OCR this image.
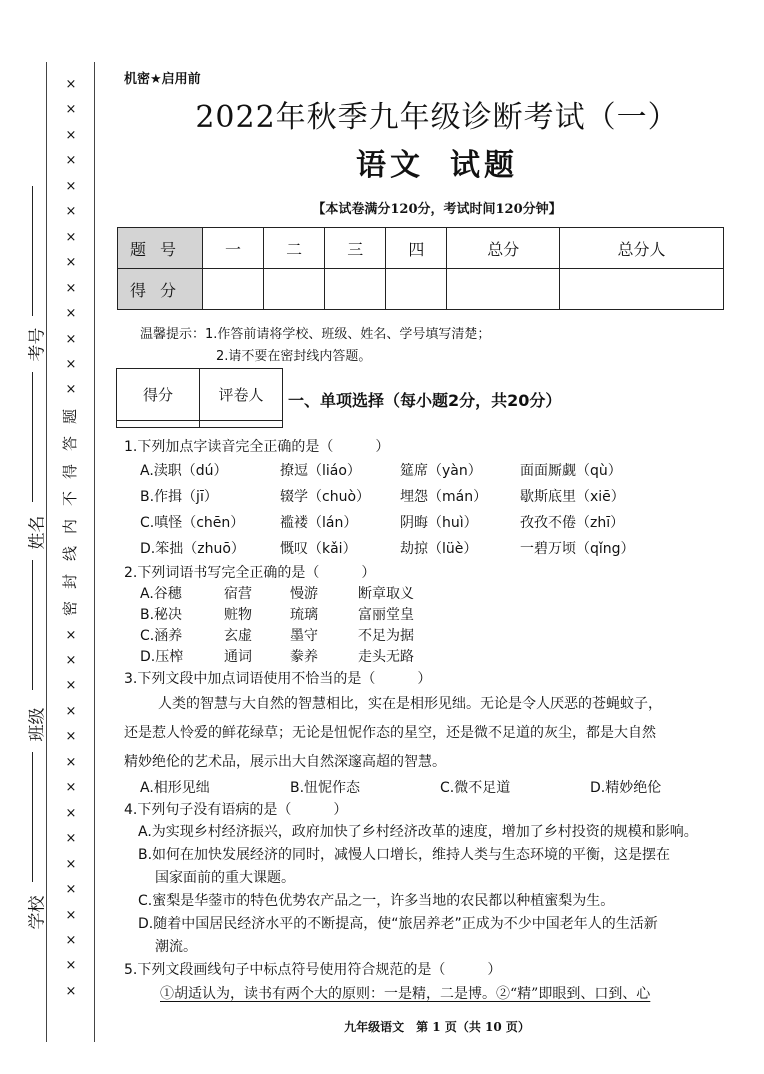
考号
姓名
班级
学校
×
×
×
×
×
×
×
×
×
×
×
×
×
题
答
得
不
内
线
封
密
×
×
×
×
×
×
×
×
×
×
×
×
×
×
×
机密★启用前
2022年秋季九年级诊断考试（一）
语文 试题
【本试卷满分120分，考试时间120分钟】
题号	一	二	三	四	总分	总分人
得分						
温馨提示：1.作答前请将学校、班级、姓名、学号填写清楚；
2.请不要在密封线内答题。
得分	评卷人
	一、单项选择（每小题2分，共20分）
1.下列加点字读音完全正确的是（　　　）
A.渎职（dú）	撩逗（liáo）	筵席（yàn）	面面厮觑（qù）
B.作揖（jī）	辍学（chuò）	埋怨（mán）	歇斯底里（xiē）
C.嗔怪（chēn）	褴褛（lán）	阴晦（huì）	孜孜不倦（zhī）
D.笨拙（zhuō）	慨叹（kǎi）	劫掠（lüè）	一碧万顷（qǐng）
2.下列词语书写完全正确的是（　　　）
A.谷穗	宿营	慢游	断章取义
B.秘决	赃物	琉璃	富丽堂皇
C.涵养	玄虚	墨守	不足为据
D.压榨	通词	豢养	走头无路
3.下列文段中加点词语使用不恰当的是（　　　）
人类的智慧与大自然的智慧相比，实在是相形见绌。无论是令人厌恶的苍蝇蚊子，
还是惹人怜爱的鲜花绿草；无论是忸怩作态的星空，还是微不足道的灰尘，都是大自然
精妙绝伦的艺术品，展示出大自然深邃高超的智慧。
A.相形见绌	B.忸怩作态	C.微不足道	D.精妙绝伦
4.下列句子没有语病的是（　　　）
A.为实现乡村经济振兴，政府加快了乡村经济改革的速度，增加了乡村投资的规模和影响。
B.如何在加快发展经济的同时，减慢人口增长，维持人类与生态环境的平衡，这是摆在
国家面前的重大课题。
C.蜜梨是华蓥市的特色优势农产品之一，许多当地的农民都以种植蜜梨为生。
D.随着中国居民经济水平的不断提高，使“旅居养老”正成为不少中国老年人的生活新
潮流。
5.下列文段画线句子中标点符号使用符合规范的是（　　　）
①胡适认为，读书有两个大的原则：一是精，二是博。②“精”即眼到、口到、心
九年级语文　第 1 页（共 10 页）
